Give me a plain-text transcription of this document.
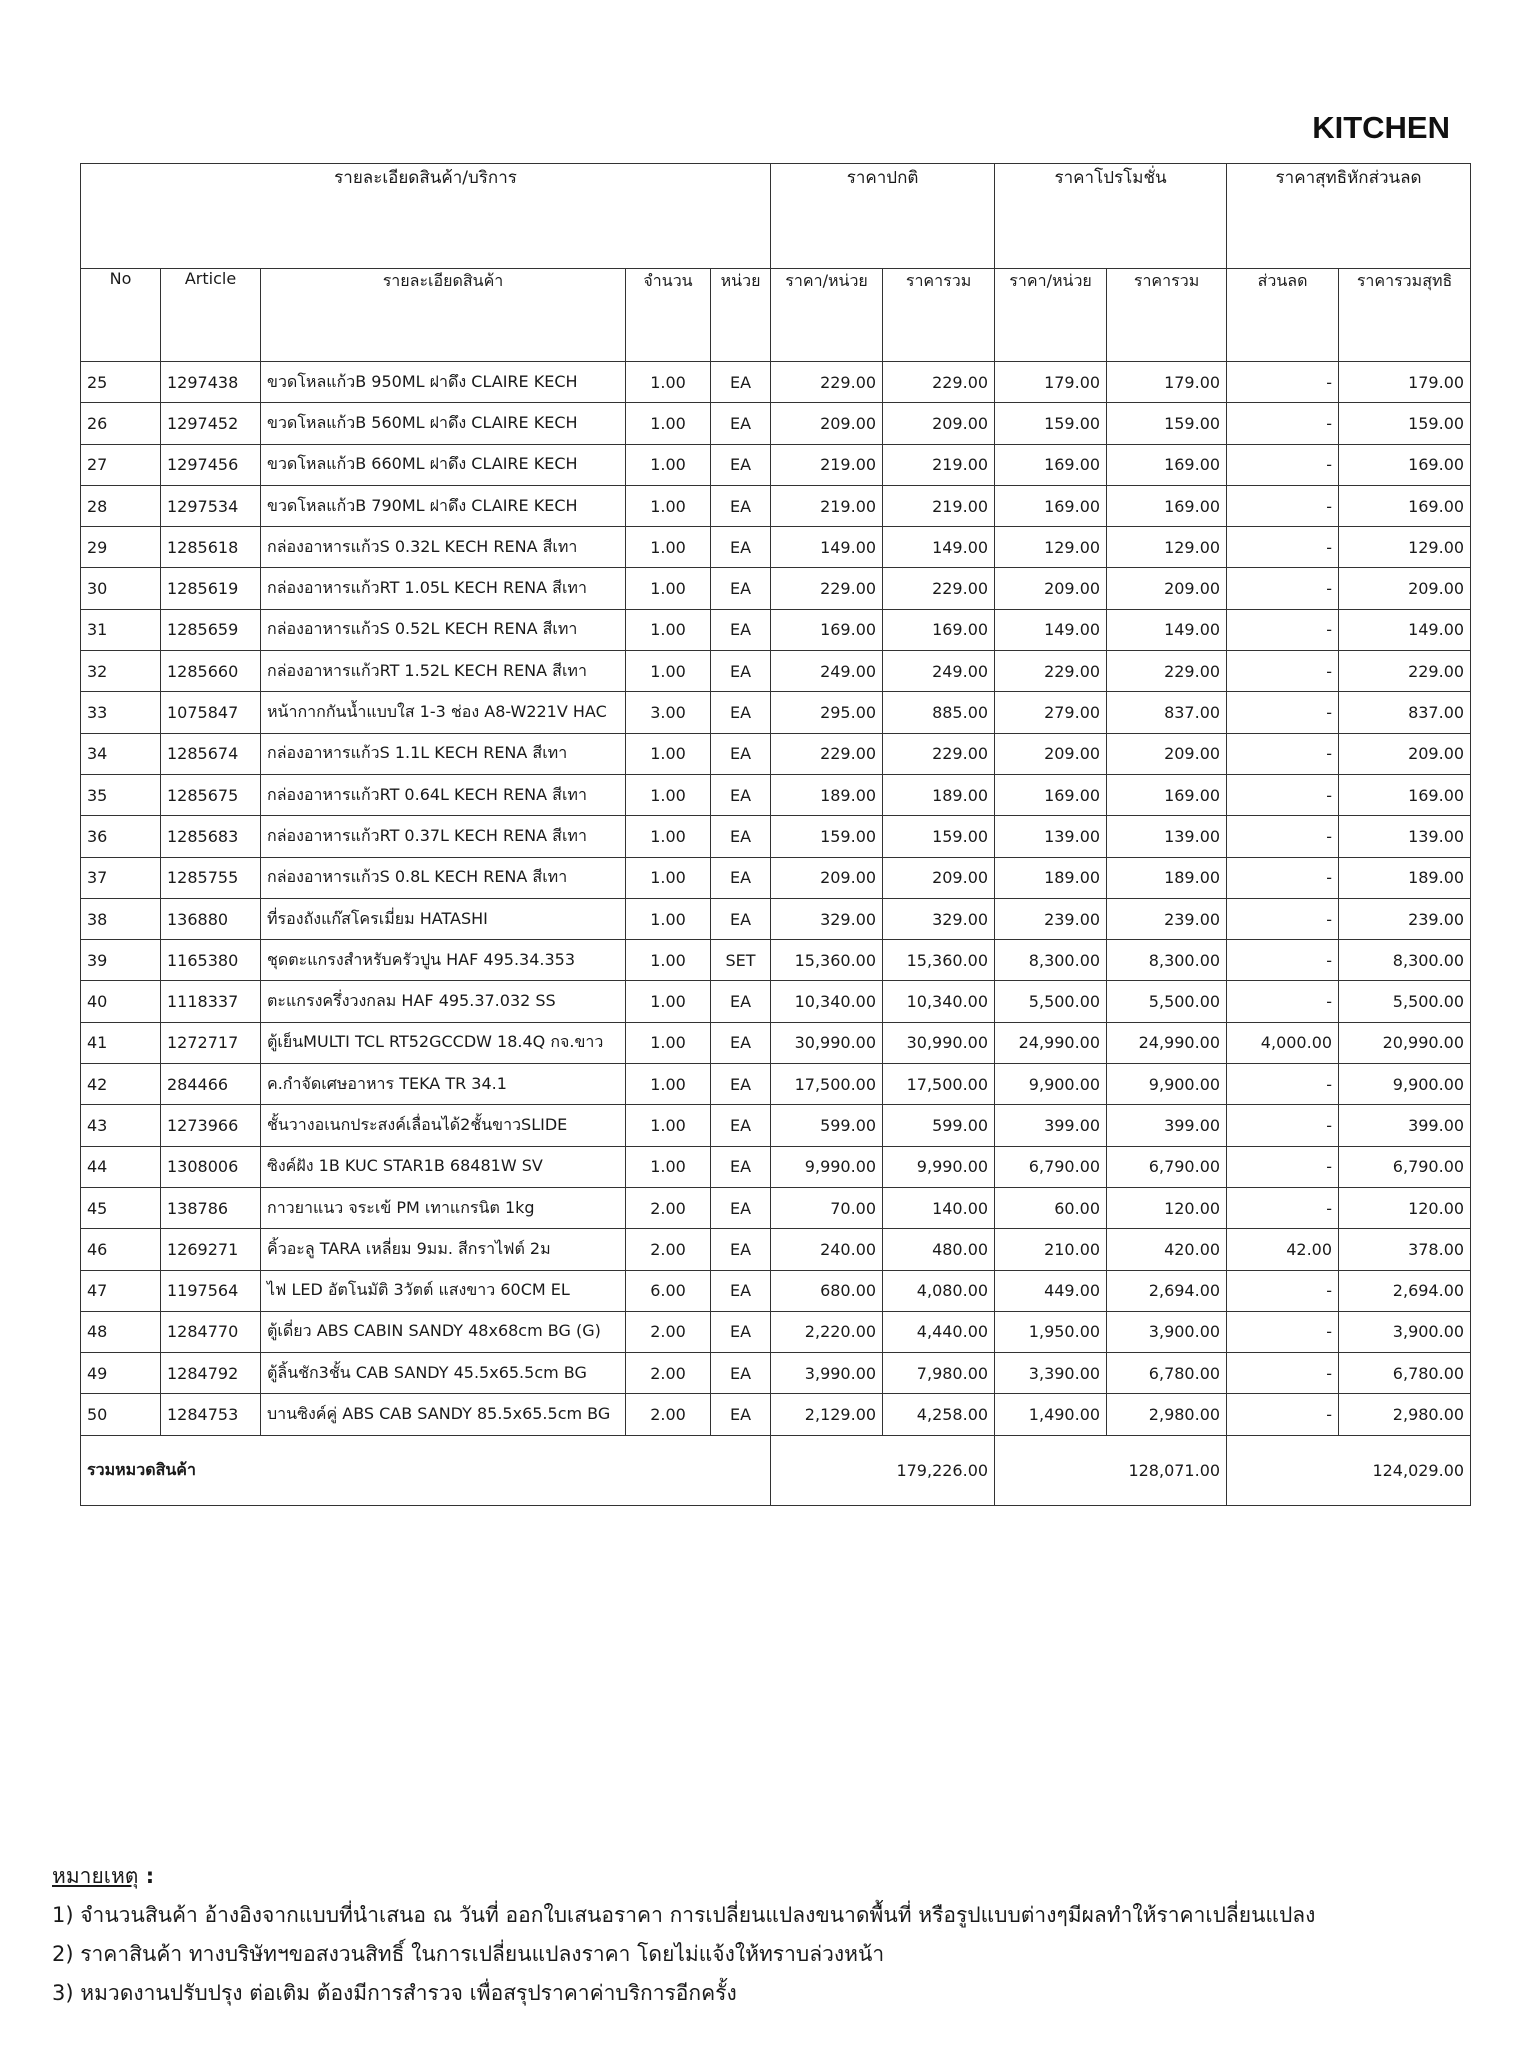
KITCHEN
รายละเอียดสินค้า/บริการ					ราคาปกติ		ราคาโปรโมชั่น		ราคาสุทธิหักส่วนลด	
No	Article	รายละเอียดสินค้า	จำนวน	หน่วย	ราคา/หน่วย	ราคารวม	ราคา/หน่วย	ราคารวม	ส่วนลด	ราคารวมสุทธิ
25	1297438	ขวดโหลแก้วB 950ML ฝาดึง CLAIRE KECH	1.00	EA	229.00	229.00	179.00	179.00	-	179.00
26	1297452	ขวดโหลแก้วB 560ML ฝาดึง CLAIRE KECH	1.00	EA	209.00	209.00	159.00	159.00	-	159.00
27	1297456	ขวดโหลแก้วB 660ML ฝาดึง CLAIRE KECH	1.00	EA	219.00	219.00	169.00	169.00	-	169.00
28	1297534	ขวดโหลแก้วB 790ML ฝาดึง CLAIRE KECH	1.00	EA	219.00	219.00	169.00	169.00	-	169.00
29	1285618	กล่องอาหารแก้วS 0.32L KECH RENA สีเทา	1.00	EA	149.00	149.00	129.00	129.00	-	129.00
30	1285619	กล่องอาหารแก้วRT 1.05L KECH RENA สีเทา	1.00	EA	229.00	229.00	209.00	209.00	-	209.00
31	1285659	กล่องอาหารแก้วS 0.52L KECH RENA สีเทา	1.00	EA	169.00	169.00	149.00	149.00	-	149.00
32	1285660	กล่องอาหารแก้วRT 1.52L KECH RENA สีเทา	1.00	EA	249.00	249.00	229.00	229.00	-	229.00
33	1075847	หน้ากากกันน้ำแบบใส 1-3 ช่อง A8-W221V HAC	3.00	EA	295.00	885.00	279.00	837.00	-	837.00
34	1285674	กล่องอาหารแก้วS 1.1L KECH RENA สีเทา	1.00	EA	229.00	229.00	209.00	209.00	-	209.00
35	1285675	กล่องอาหารแก้วRT 0.64L KECH RENA สีเทา	1.00	EA	189.00	189.00	169.00	169.00	-	169.00
36	1285683	กล่องอาหารแก้วRT 0.37L KECH RENA สีเทา	1.00	EA	159.00	159.00	139.00	139.00	-	139.00
37	1285755	กล่องอาหารแก้วS 0.8L KECH RENA สีเทา	1.00	EA	209.00	209.00	189.00	189.00	-	189.00
38	136880	ที่รองถังแก๊สโครเมี่ยม HATASHI	1.00	EA	329.00	329.00	239.00	239.00	-	239.00
39	1165380	ชุดตะแกรงสำหรับครัวปูน HAF 495.34.353	1.00	SET	15,360.00	15,360.00	8,300.00	8,300.00	-	8,300.00
40	1118337	ตะแกรงครึ่งวงกลม HAF 495.37.032 SS	1.00	EA	10,340.00	10,340.00	5,500.00	5,500.00	-	5,500.00
41	1272717	ตู้เย็นMULTI TCL RT52GCCDW 18.4Q กจ.ขาว	1.00	EA	30,990.00	30,990.00	24,990.00	24,990.00	4,000.00	20,990.00
42	284466	ค.กำจัดเศษอาหาร TEKA TR 34.1	1.00	EA	17,500.00	17,500.00	9,900.00	9,900.00	-	9,900.00
43	1273966	ชั้นวางอเนกประสงค์เลื่อนได้2ชั้นขาวSLIDE	1.00	EA	599.00	599.00	399.00	399.00	-	399.00
44	1308006	ซิงค์ฝัง 1B KUC STAR1B 68481W SV	1.00	EA	9,990.00	9,990.00	6,790.00	6,790.00	-	6,790.00
45	138786	กาวยาแนว จระเข้ PM เทาแกรนิต 1kg	2.00	EA	70.00	140.00	60.00	120.00	-	120.00
46	1269271	คิ้วอะลู TARA เหลี่ยม 9มม. สีกราไฟต์ 2ม	2.00	EA	240.00	480.00	210.00	420.00	42.00	378.00
47	1197564	ไฟ LED อัตโนมัติ 3วัตต์ แสงขาว 60CM EL	6.00	EA	680.00	4,080.00	449.00	2,694.00	-	2,694.00
48	1284770	ตู้เดี่ยว ABS CABIN SANDY 48x68cm BG (G)	2.00	EA	2,220.00	4,440.00	1,950.00	3,900.00	-	3,900.00
49	1284792	ตู้ลิ้นชัก3ชั้น CAB SANDY 45.5x65.5cm BG	2.00	EA	3,990.00	7,980.00	3,390.00	6,780.00	-	6,780.00
50	1284753	บานซิงค์คู่ ABS CAB SANDY 85.5x65.5cm BG	2.00	EA	2,129.00	4,258.00	1,490.00	2,980.00	-	2,980.00
รวมหมวดสินค้า					179,226.00		128,071.00		124,029.00	
หมายเหตุ :
1) จำนวนสินค้า อ้างอิงจากแบบที่นำเสนอ ณ วันที่ ออกใบเสนอราคา การเปลี่ยนแปลงขนาดพื้นที่ หรือรูปแบบต่างๆมีผลทำให้ราคาเปลี่ยนแปลง
2) ราคาสินค้า ทางบริษัทฯขอสงวนสิทธิ์ ในการเปลี่ยนแปลงราคา โดยไม่แจ้งให้ทราบล่วงหน้า
3) หมวดงานปรับปรุง ต่อเติม ต้องมีการสำรวจ เพื่อสรุปราคาค่าบริการอีกครั้ง
